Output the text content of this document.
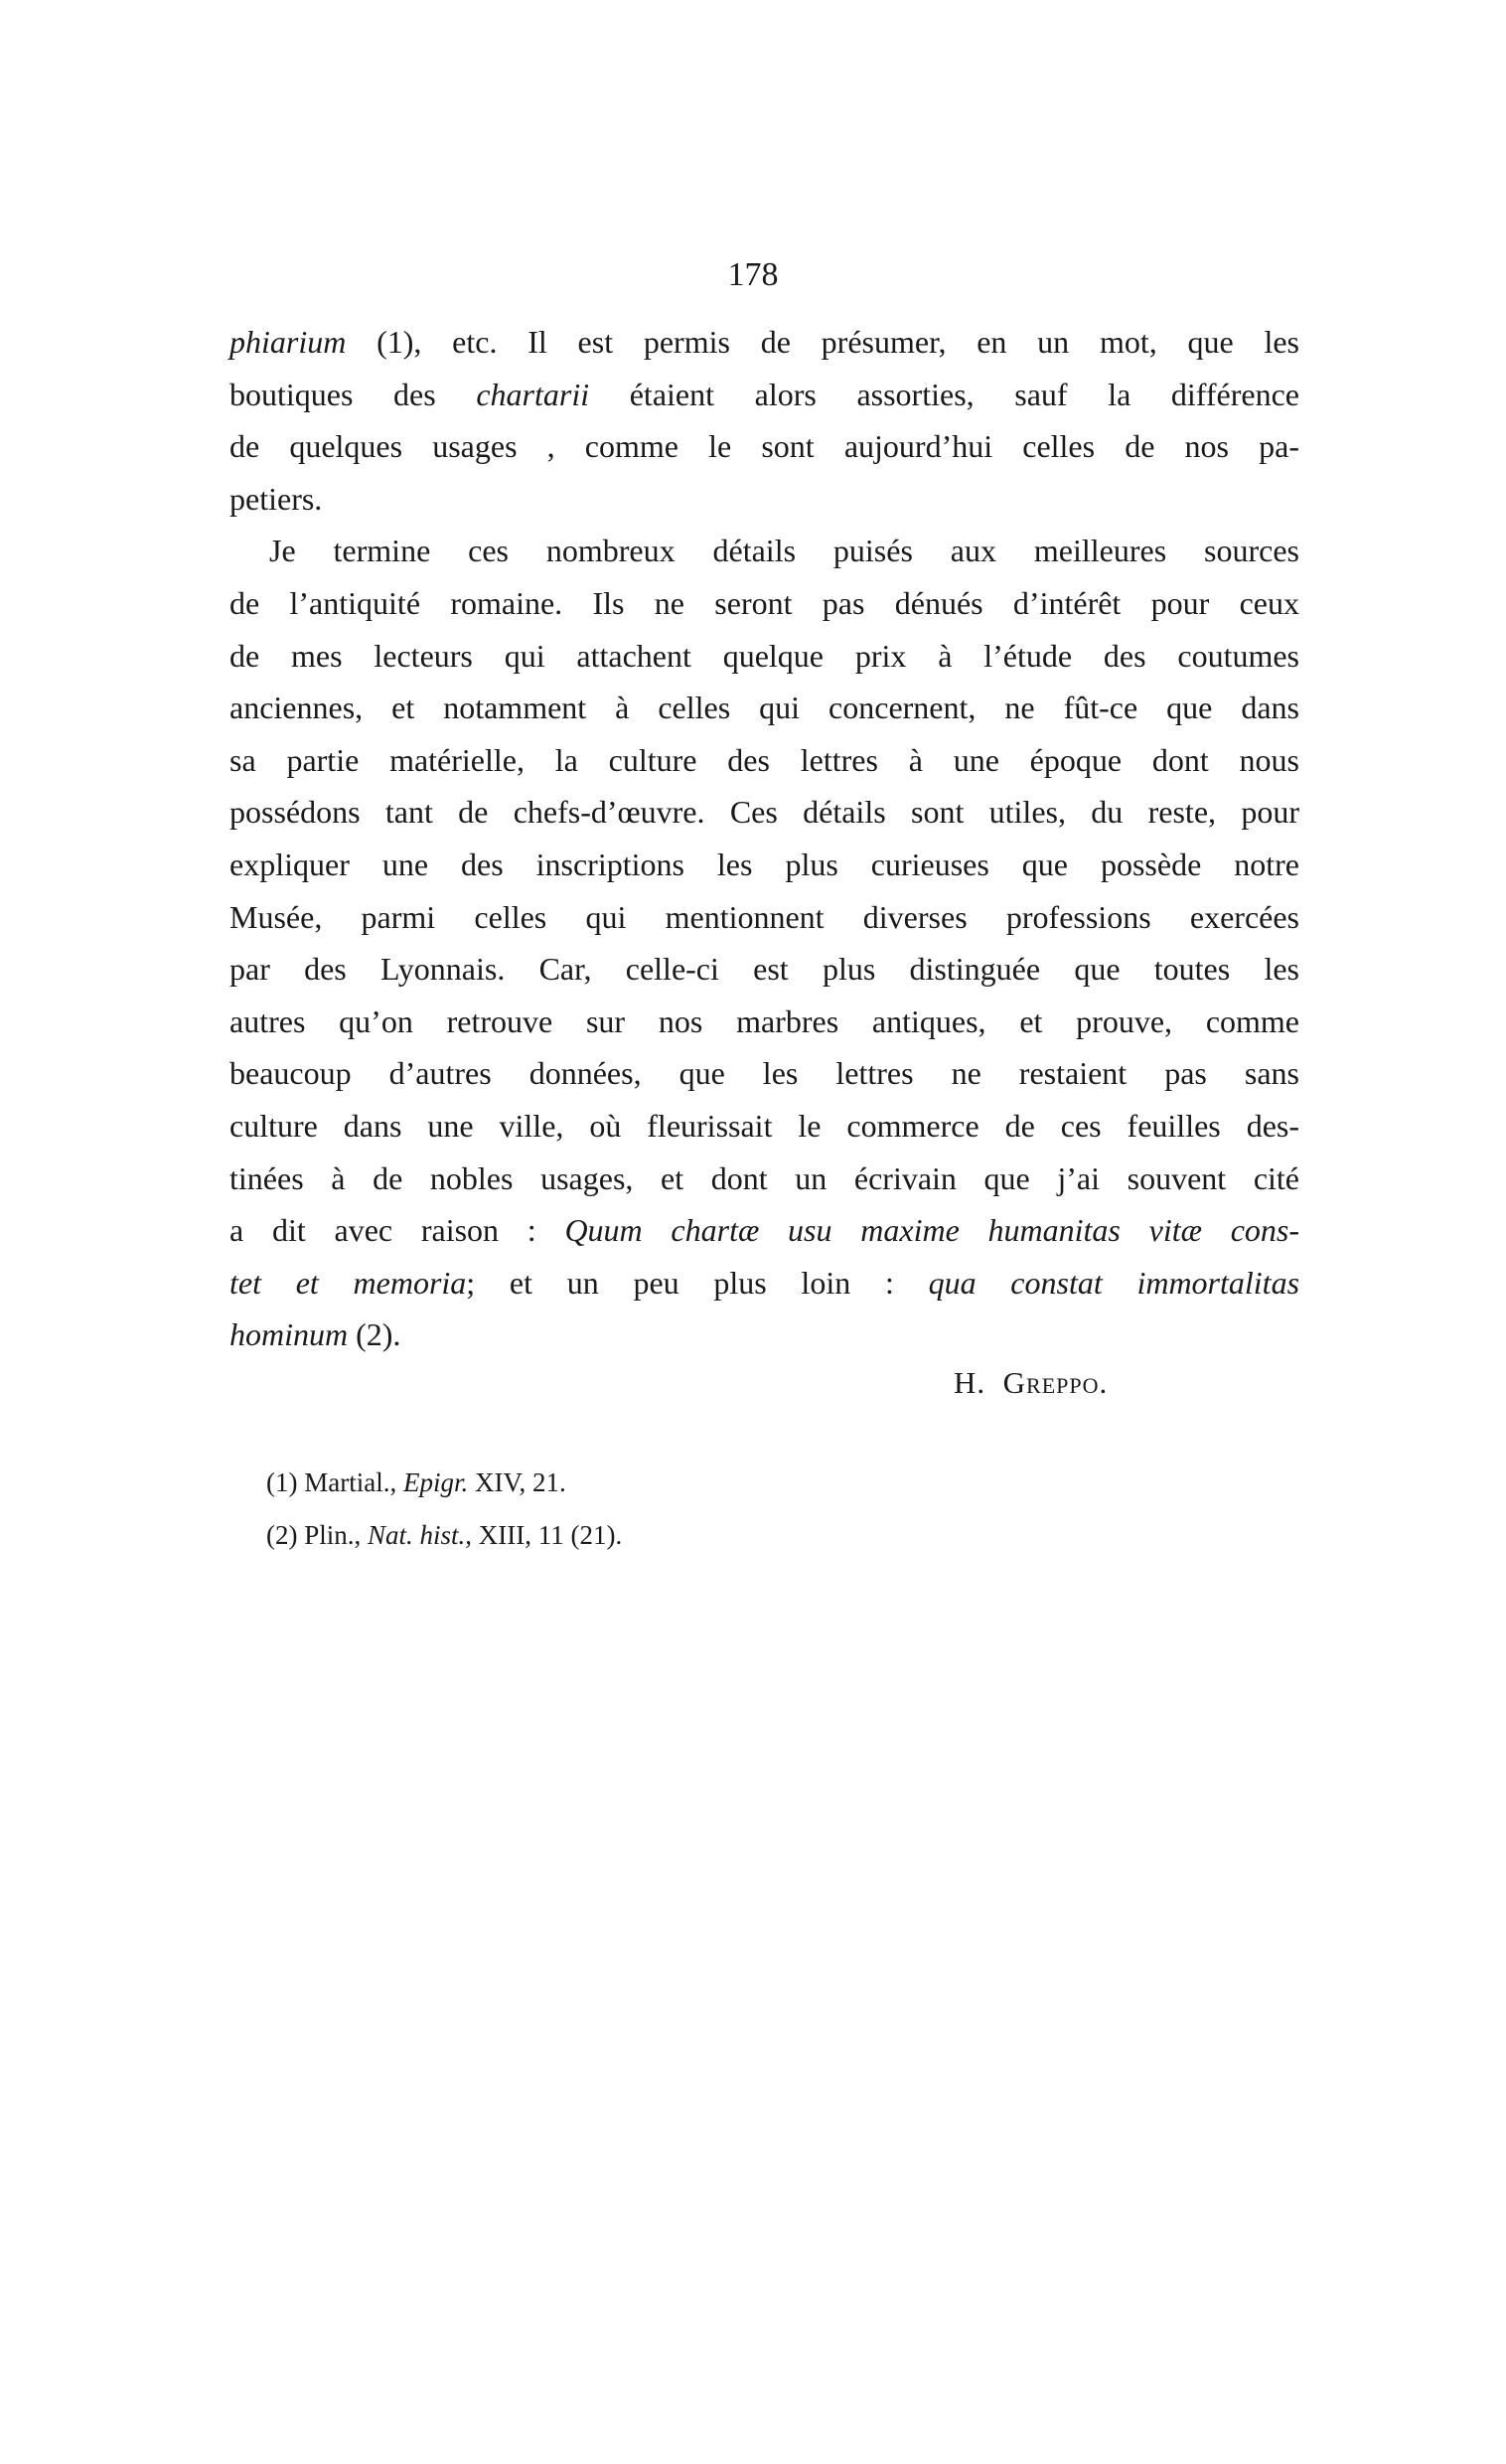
178
phiarium (1), etc. Il est permis de présumer, en un mot, que les
boutiques des chartarii étaient alors assorties, sauf la différence
de quelques usages , comme le sont aujourd’hui celles de nos pa-
petiers.
Je termine ces nombreux détails puisés aux meilleures sources
de l’antiquité romaine. Ils ne seront pas dénués d’intérêt pour ceux
de mes lecteurs qui attachent quelque prix à l’étude des coutumes
anciennes, et notamment à celles qui concernent, ne fût-ce que dans
sa partie matérielle, la culture des lettres à une époque dont nous
possédons tant de chefs-d’œuvre. Ces détails sont utiles, du reste, pour
expliquer une des inscriptions les plus curieuses que possède notre
Musée, parmi celles qui mentionnent diverses professions exercées
par des Lyonnais. Car, celle-ci est plus distinguée que toutes les
autres qu’on retrouve sur nos marbres antiques, et prouve, comme
beaucoup d’autres données, que les lettres ne restaient pas sans
culture dans une ville, où fleurissait le commerce de ces feuilles des-
tinées à de nobles usages, et dont un écrivain que j’ai souvent cité
a dit avec raison : Quum chartæ usu maxime humanitas vitæ cons-
tet et memoria; et un peu plus loin : qua constat immortalitas
hominum (2).
H. Greppo.
(1) Martial., Epigr. XIV, 21.
(2) Plin., Nat. hist., XIII, 11 (21).
